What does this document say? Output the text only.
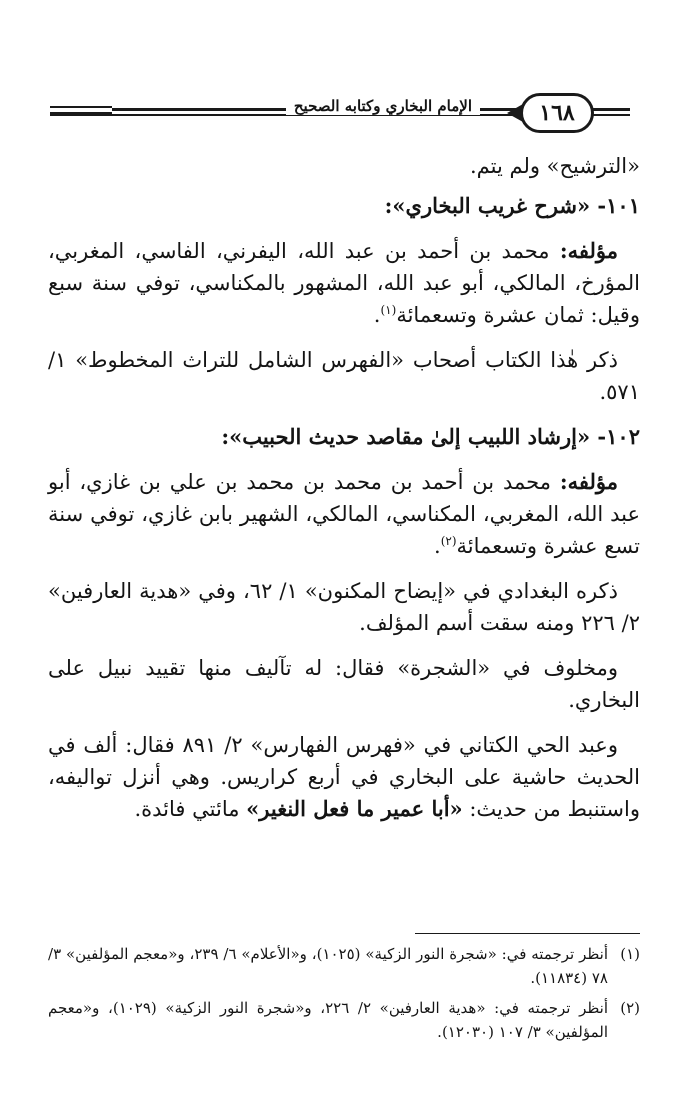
١٦٨
الإمام البخاري وكتابه الصحيح

«الترشيح» ولم يتم.

١٠١- «شرح غريب البخاري»:

مؤلفه: محمد بن أحمد بن عبد الله، اليفرني، الفاسي، المغربي، المؤرخ، المالكي، أبو عبد الله، المشهور بالمكناسي، توفي سنة سبع وقيل: ثمان عشرة وتسعمائة$^{(١)}$.

ذكر هٰذا الكتاب أصحاب «الفهرس الشامل للتراث المخطوط» ١/ ٥٧١.

١٠٢- «إرشاد اللبيب إلىٰ مقاصد حديث الحبيب»:

مؤلفه: محمد بن أحمد بن محمد بن محمد بن علي بن غازي، أبو عبد الله، المغربي، المكناسي، المالكي، الشهير بابن غازي، توفي سنة تسع عشرة وتسعمائة$^{(٢)}$.

ذكره البغدادي في «إيضاح المكنون» ١/ ٦٢، وفي «هدية العارفين» ٢/ ٢٢٦ ومنه سقت أسم المؤلف.

ومخلوف في «الشجرة» فقال: له تآليف منها تقييد نبيل على البخاري.

وعبد الحي الكتاني في «فهرس الفهارس» ٢/ ٨٩١ فقال: ألف في الحديث حاشية على البخاري في أربع كراريس. وهي أنزل تواليفه، واستنبط من حديث: «أبا عمير ما فعل النغير» مائتي فائدة.

(١)
أنظر ترجمته في: «شجرة النور الزكية» (١٠٢٥)، و«الأعلام» ٦/ ٢٣٩، و«معجم المؤلفين» ٣/ ٧٨ (١١٨٣٤).
(٢)
أنظر ترجمته في: «هدية العارفين» ٢/ ٢٢٦، و«شجرة النور الزكية» (١٠٢٩)، و«معجم المؤلفين» ٣/ ١٠٧ (١٢٠٣٠).
